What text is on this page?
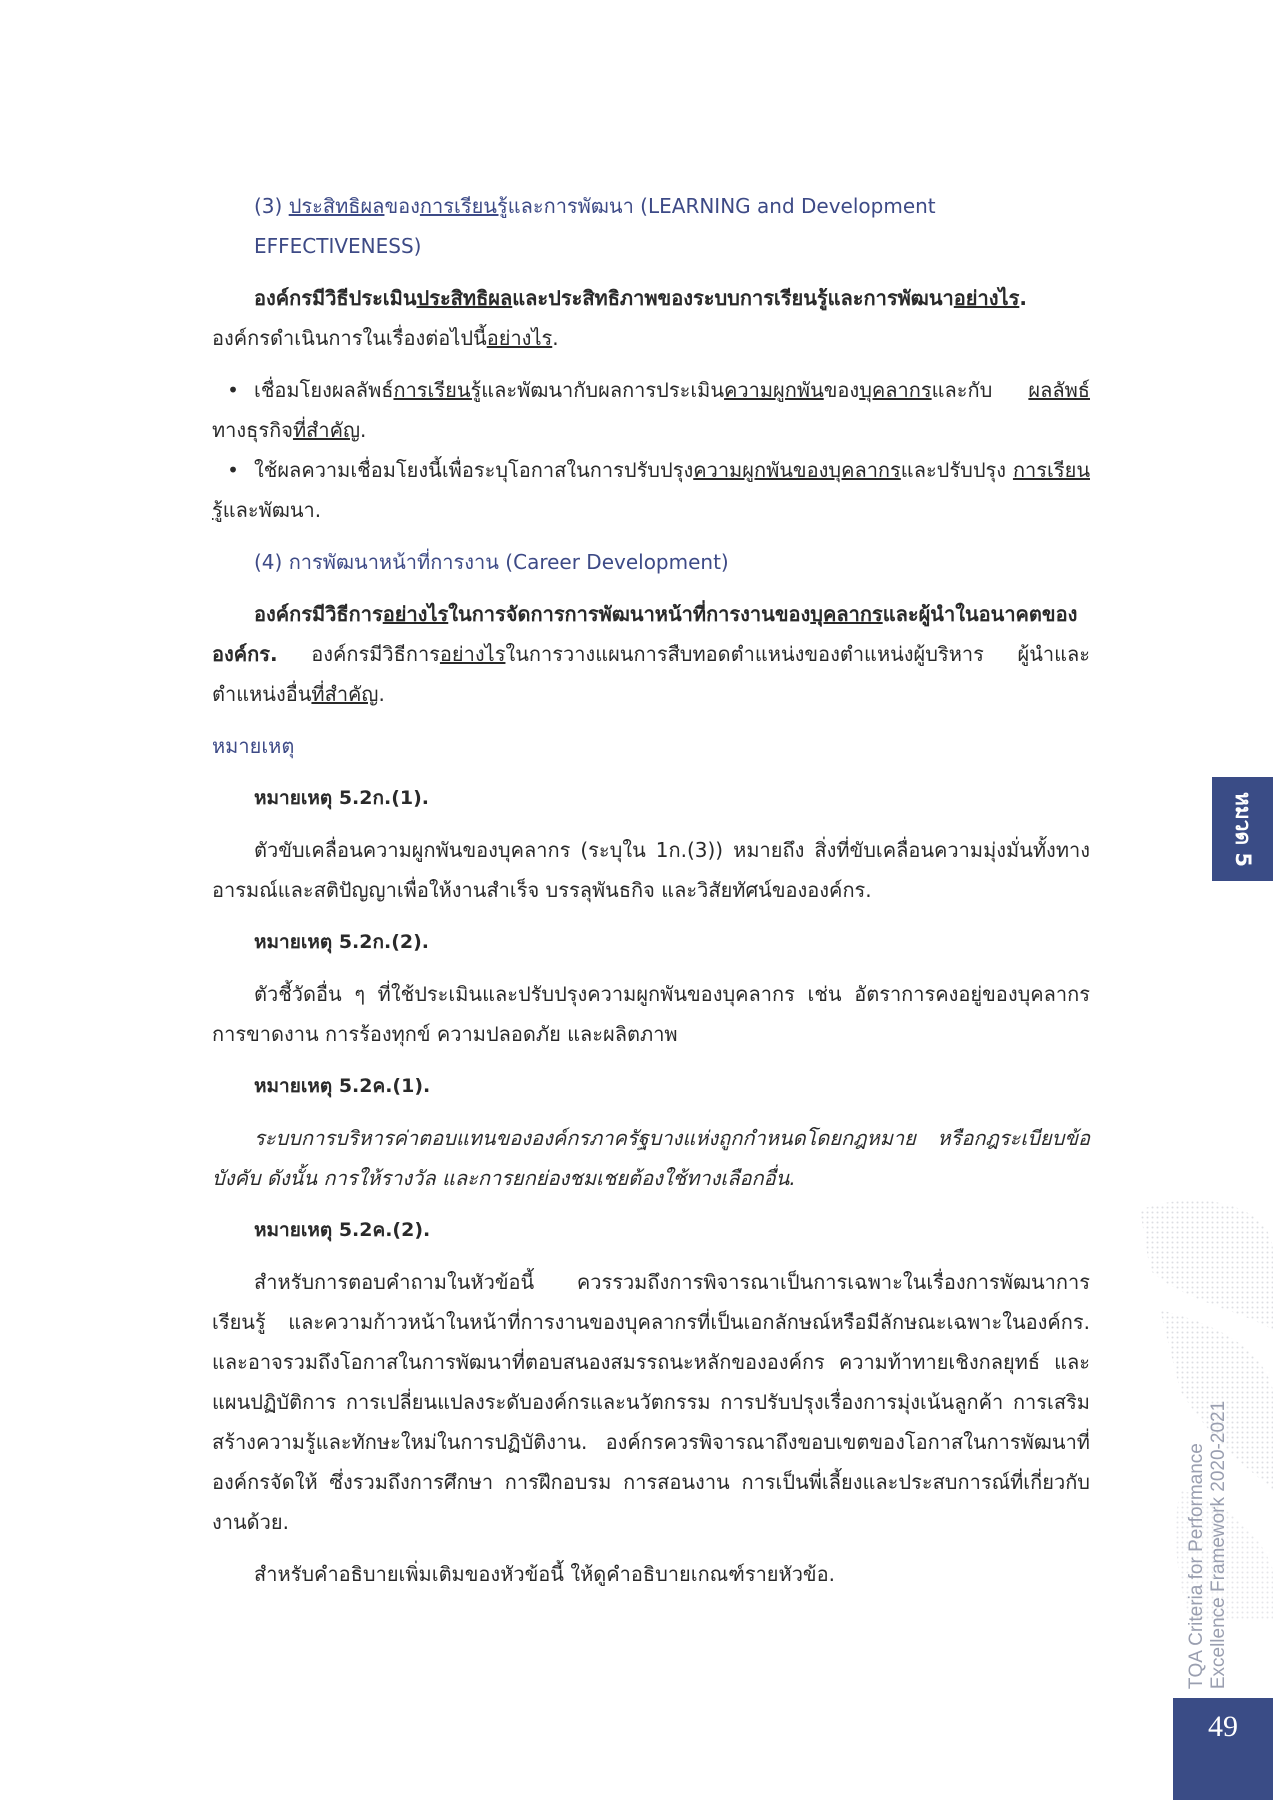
(3) ประสิทธิผลของการเรียนรู้และการพัฒนา (LEARNING and Development EFFECTIVENESS)

องค์กรมีวิธีประเมินประสิทธิผลและประสิทธิภาพของระบบการเรียนรู้และการพัฒนาอย่างไร. องค์กรดำเนินการในเรื่องต่อไปนี้อย่างไร.

• เชื่อมโยงผลลัพธ์การเรียนรู้และพัฒนากับผลการประเมินความผูกพันของบุคลากรและกับ ผลลัพธ์ทางธุรกิจที่สำคัญ.

• ใช้ผลความเชื่อมโยงนี้เพื่อระบุโอกาสในการปรับปรุงความผูกพันของบุคลากรและปรับปรุง การเรียนรู้และพัฒนา.

(4) การพัฒนาหน้าที่การงาน (Career Development)

องค์กรมีวิธีการอย่างไรในการจัดการการพัฒนาหน้าที่การงานของบุคลากรและผู้นำในอนาคตขององค์กร. องค์กรมีวิธีการอย่างไรในการวางแผนการสืบทอดตำแหน่งของตำแหน่งผู้บริหาร ผู้นำและตำแหน่งอื่นที่สำคัญ.

หมายเหตุ

หมายเหตุ 5.2ก.(1).

ตัวขับเคลื่อนความผูกพันของบุคลากร (ระบุใน 1ก.(3)) หมายถึง สิ่งที่ขับเคลื่อนความมุ่งมั่นทั้งทางอารมณ์และสติปัญญาเพื่อให้งานสำเร็จ บรรลุพันธกิจ และวิสัยทัศน์ขององค์กร.

หมายเหตุ 5.2ก.(2).

ตัวชี้วัดอื่น ๆ ที่ใช้ประเมินและปรับปรุงความผูกพันของบุคลากร เช่น อัตราการคงอยู่ของบุคลากร การขาดงาน การร้องทุกข์ ความปลอดภัย และผลิตภาพ

หมายเหตุ 5.2ค.(1).

ระบบการบริหารค่าตอบแทนขององค์กรภาครัฐบางแห่งถูกกำหนดโดยกฎหมาย หรือกฎระเบียบข้อบังคับ ดังนั้น การให้รางวัล และการยกย่องชมเชยต้องใช้ทางเลือกอื่น.

หมายเหตุ 5.2ค.(2).

สำหรับการตอบคำถามในหัวข้อนี้ ควรรวมถึงการพิจารณาเป็นการเฉพาะในเรื่องการพัฒนาการเรียนรู้ และความก้าวหน้าในหน้าที่การงานของบุคลากรที่เป็นเอกลักษณ์หรือมีลักษณะเฉพาะในองค์กร. และอาจรวมถึงโอกาสในการพัฒนาที่ตอบสนองสมรรถนะหลักขององค์กร ความท้าทายเชิงกลยุทธ์ และแผนปฏิบัติการ การเปลี่ยนแปลงระดับองค์กรและนวัตกรรม การปรับปรุงเรื่องการมุ่งเน้นลูกค้า การเสริมสร้างความรู้และทักษะใหม่ในการปฏิบัติงาน. องค์กรควรพิจารณาถึงขอบเขตของโอกาสในการพัฒนาที่องค์กรจัดให้ ซึ่งรวมถึงการศึกษา การฝึกอบรม การสอนงาน การเป็นพี่เลี้ยงและประสบการณ์ที่เกี่ยวกับงานด้วย.

สำหรับคำอธิบายเพิ่มเติมของหัวข้อนี้ ให้ดูคำอธิบายเกณฑ์รายหัวข้อ.

หมวด 5
TQA Criteria for Performance Excellence Framework 2020-2021
49
